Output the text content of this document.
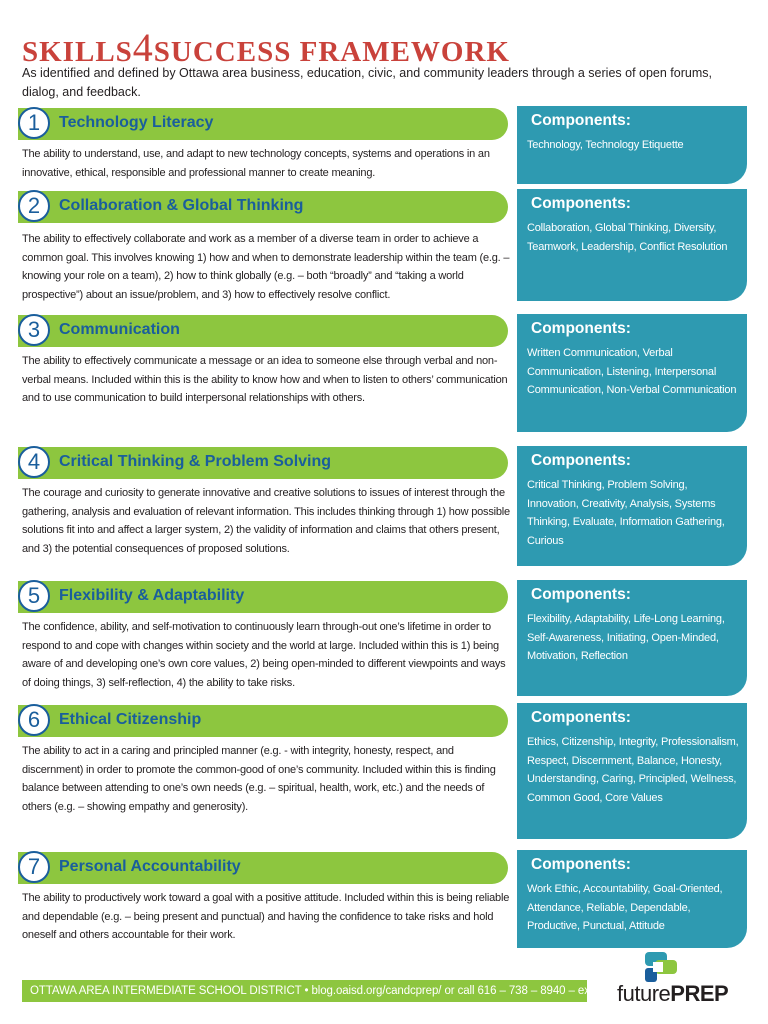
SKILLS4SUCCESS FRAMEWORK
As identified and defined by Ottawa area business, education, civic, and community leaders through a series of open forums, dialog, and feedback.
1	Technology Literacy
The ability to understand, use, and adapt to new technology concepts, systems and operations in an innovative, ethical, responsible and professional manner to create meaning.
Components:
Technology, Technology Etiquette
2	Collaboration & Global Thinking
The ability to effectively collaborate and work as a member of a diverse team in order to achieve a common goal. This involves knowing 1) how and when to demonstrate leadership within the team (e.g. – knowing your role on a team), 2) how to think globally (e.g. – both “broadly” and “taking a world prospective”) about an issue/problem, and 3) how to effectively resolve conflict.
Components:
Collaboration, Global Thinking, Diversity, Teamwork, Leadership, Conflict Resolution
3	Communication
The ability to effectively communicate a message or an idea to someone else through verbal and non-verbal means. Included within this is the ability to know how and when to listen to others’ communication and to use communication to build interpersonal relationships with others.
Components:
Written Communication, Verbal Communication, Listening, Interpersonal Communication, Non-Verbal Communication
4	Critical Thinking & Problem Solving
The courage and curiosity to generate innovative and creative solutions to issues of interest through the gathering, analysis and evaluation of relevant information. This includes thinking through 1) how possible solutions fit into and affect a larger system, 2) the validity of information and claims that others present, and 3) the potential consequences of proposed solutions.
Components:
Critical Thinking, Problem Solving, Innovation, Creativity, Analysis, Systems Thinking, Evaluate, Information Gathering, Curious
5	Flexibility & Adaptability
The confidence, ability, and self-motivation to continuously learn through-out one’s lifetime in order to respond to and cope with changes within society and the world at large. Included within this is 1) being aware of and developing one’s own core values, 2) being open-minded to different viewpoints and ways of doing things, 3) self-reflection, 4) the ability to take risks.
Components:
Flexibility, Adaptability, Life-Long Learning, Self-Awareness, Initiating, Open-Minded, Motivation, Reflection
6	Ethical Citizenship
The ability to act in a caring and principled manner (e.g. - with integrity, honesty, respect, and discernment) in order to promote the common-good of one’s community. Included within this is finding balance between attending to one’s own needs (e.g. – spiritual, health, work, etc.) and the needs of others (e.g. – showing empathy and generosity).
Components:
Ethics, Citizenship, Integrity, Professionalism, Respect, Discernment, Balance, Honesty, Understanding, Caring, Principled, Wellness, Common Good, Core Values
7	Personal Accountability
The ability to productively work toward a goal with a positive attitude. Included within this is being reliable and dependable (e.g. – being present and punctual) and having the confidence to take risks and hold oneself and others accountable for their work.
Components:
Work Ethic, Accountability, Goal-Oriented, Attendance, Reliable, Dependable, Productive, Punctual, Attitude
OTTAWA AREA INTERMEDIATE SCHOOL DISTRICT • blog.oaisd.org/candcprep/ or call 616 – 738 – 8940 – ext. 4039
futurePREP
